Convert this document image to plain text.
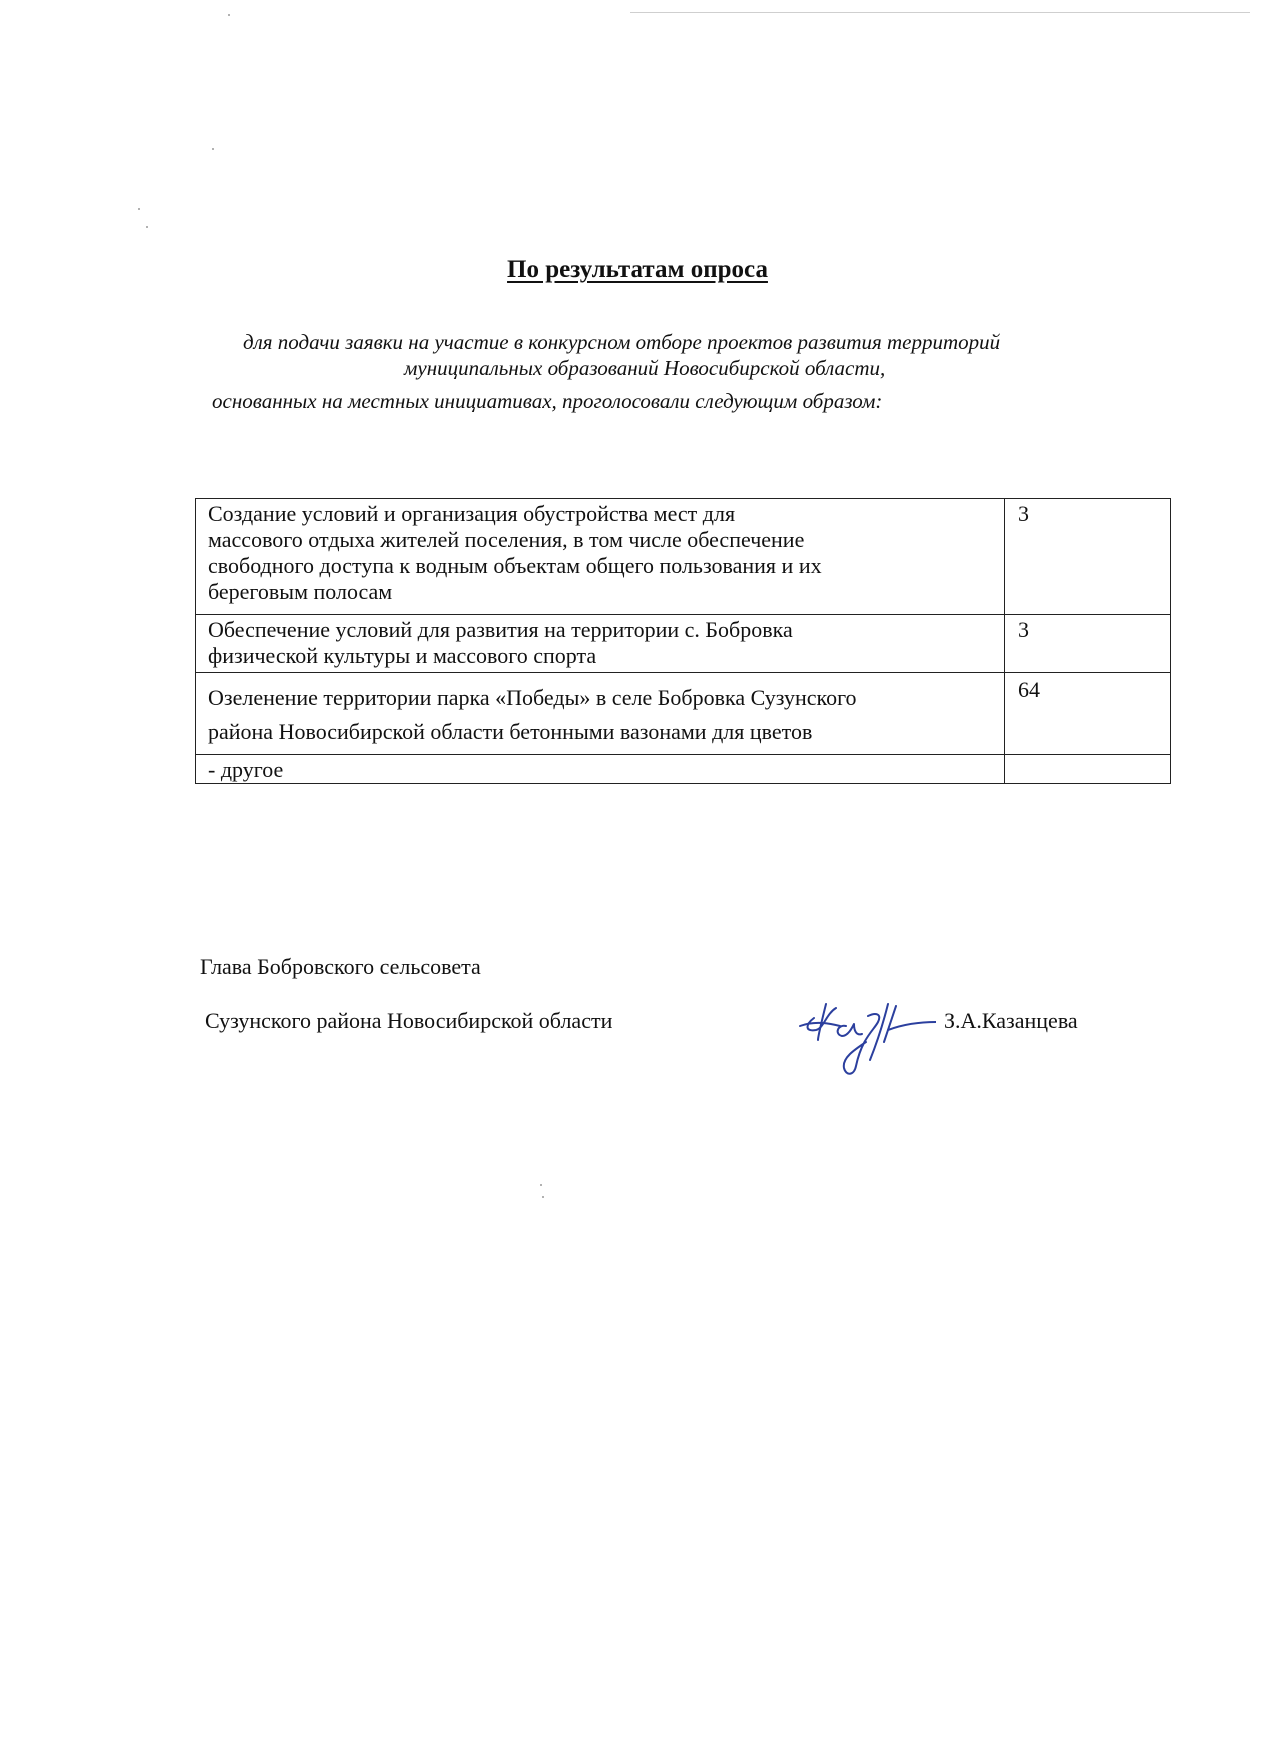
По результатам опроса
для подачи заявки на участие в конкурсном отборе проектов развития территорий
муниципальных образований Новосибирской области,
основанных на местных инициативах, проголосовали следующим образом:
Создание условий и организация обустройства мест для
массового отдыха жителей поселения, в том числе обеспечение
свободного доступа к водным объектам общего пользования и их
береговым полосам	3

Обеспечение условий для развития на территории с. Бобровка
физической культуры и массового спорта	3

Озеленение территории парка «Победы» в селе Бобровка Сузунского
района Новосибирской области бетонными вазонами для цветов	64

- другое	

Глава Бобровского сельсовета
Сузунского района Новосибирской области	З.А.Казанцева
